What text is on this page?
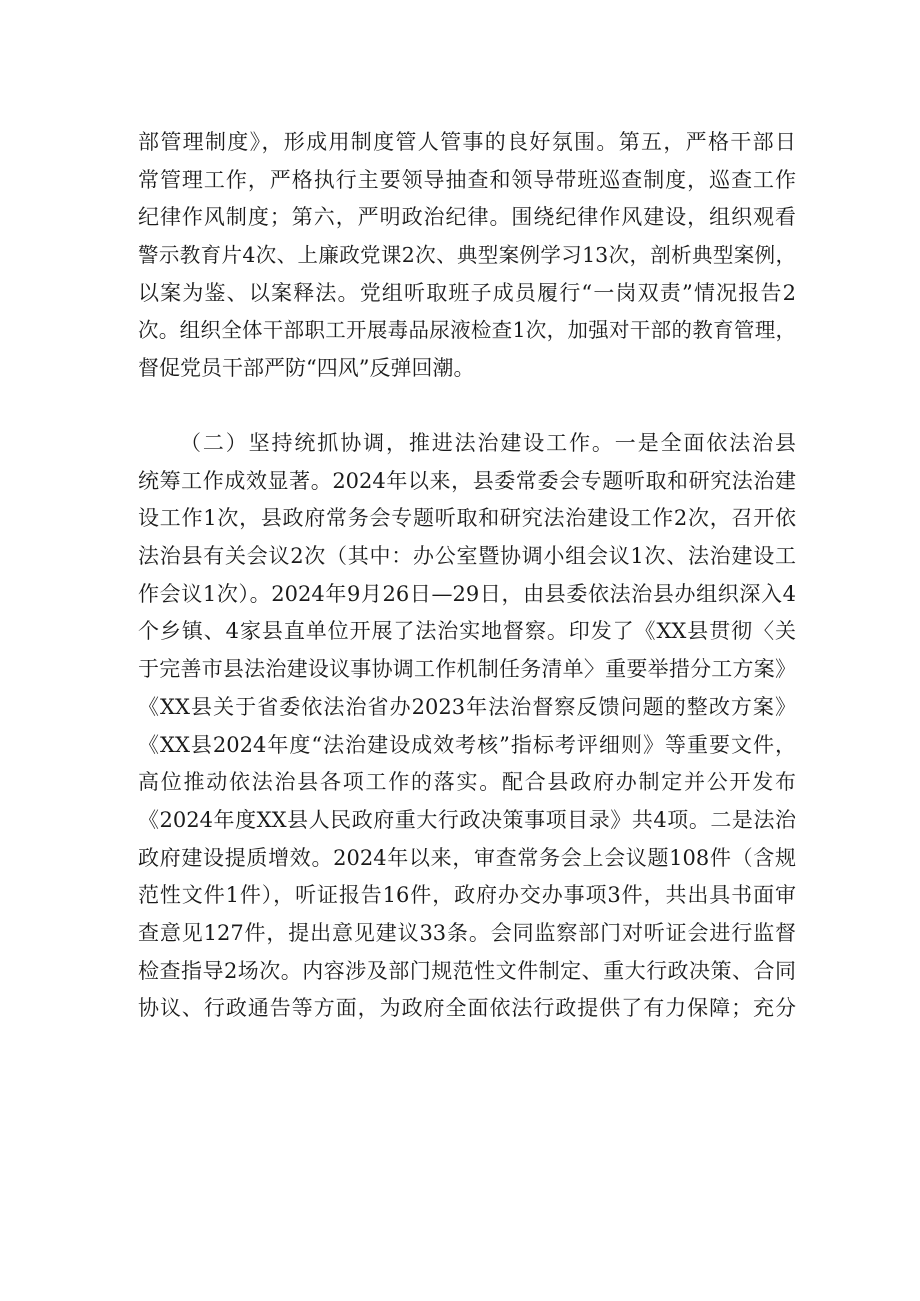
部管理制度》，形成用制度管人管事的良好氛围。第五，严格干部日
常管理工作，严格执行主要领导抽查和领导带班巡查制度，巡查工作
纪律作风制度；第六，严明政治纪律。围绕纪律作风建设，组织观看
警示教育片4次、上廉政党课2次、典型案例学习13次，剖析典型案例，
以案为鉴、以案释法。党组听取班子成员履行“一岗双责”情况报告2
次。组织全体干部职工开展毒品尿液检查1次，加强对干部的教育管理，
督促党员干部严防“四风”反弹回潮。
（二）坚持统抓协调，推进法治建设工作。一是全面依法治县
统筹工作成效显著。2024年以来，县委常委会专题听取和研究法治建
设工作1次，县政府常务会专题听取和研究法治建设工作2次，召开依
法治县有关会议2次（其中：办公室暨协调小组会议1次、法治建设工
作会议1次）。2024年9月26日—29日，由县委依法治县办组织深入4
个乡镇、4家县直单位开展了法治实地督察。印发了《XX县贯彻〈关
于完善市县法治建设议事协调工作机制任务清单〉重要举措分工方案》
《XX县关于省委依法治省办2023年法治督察反馈问题的整改方案》
《XX县2024年度“法治建设成效考核”指标考评细则》等重要文件，
高位推动依法治县各项工作的落实。配合县政府办制定并公开发布
《2024年度XX县人民政府重大行政决策事项目录》共4项。二是法治
政府建设提质增效。2024年以来，审查常务会上会议题108件（含规
范性文件1件），听证报告16件，政府办交办事项3件，共出具书面审
查意见127件，提出意见建议33条。会同监察部门对听证会进行监督
检查指导2场次。内容涉及部门规范性文件制定、重大行政决策、合同
协议、行政通告等方面，为政府全面依法行政提供了有力保障；充分
